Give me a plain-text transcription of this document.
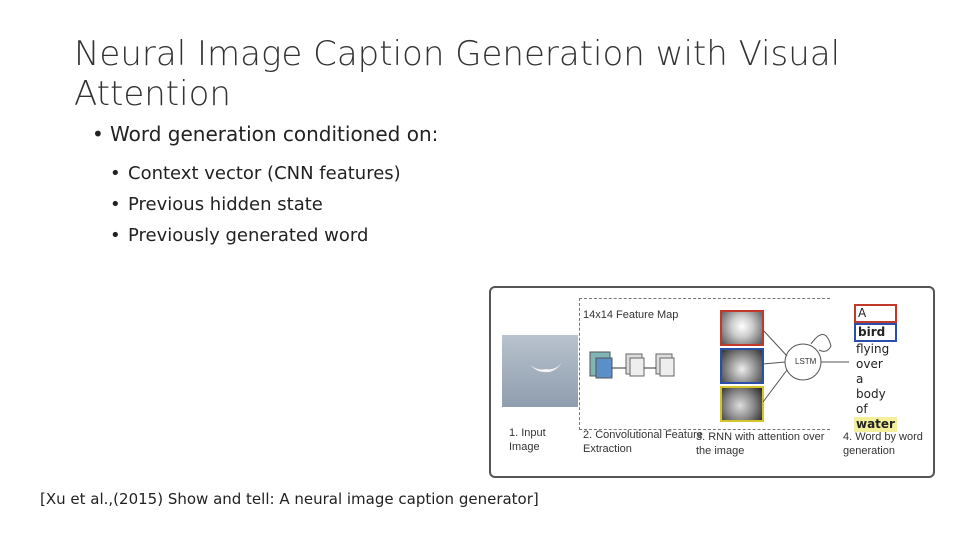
Neural Image Caption Generation with Visual Attention
• Word generation conditioned on:
• Context vector (CNN features)
• Previous hidden state
• Previously generated word
14x14 Feature Map
LSTM
A
bird
flying
over
a
body
of
water
1. Input Image
2. Convolutional Feature Extraction
3. RNN with attention over the image
4. Word by word generation
[Xu et al.,(2015) Show and tell: A neural image caption generator]
